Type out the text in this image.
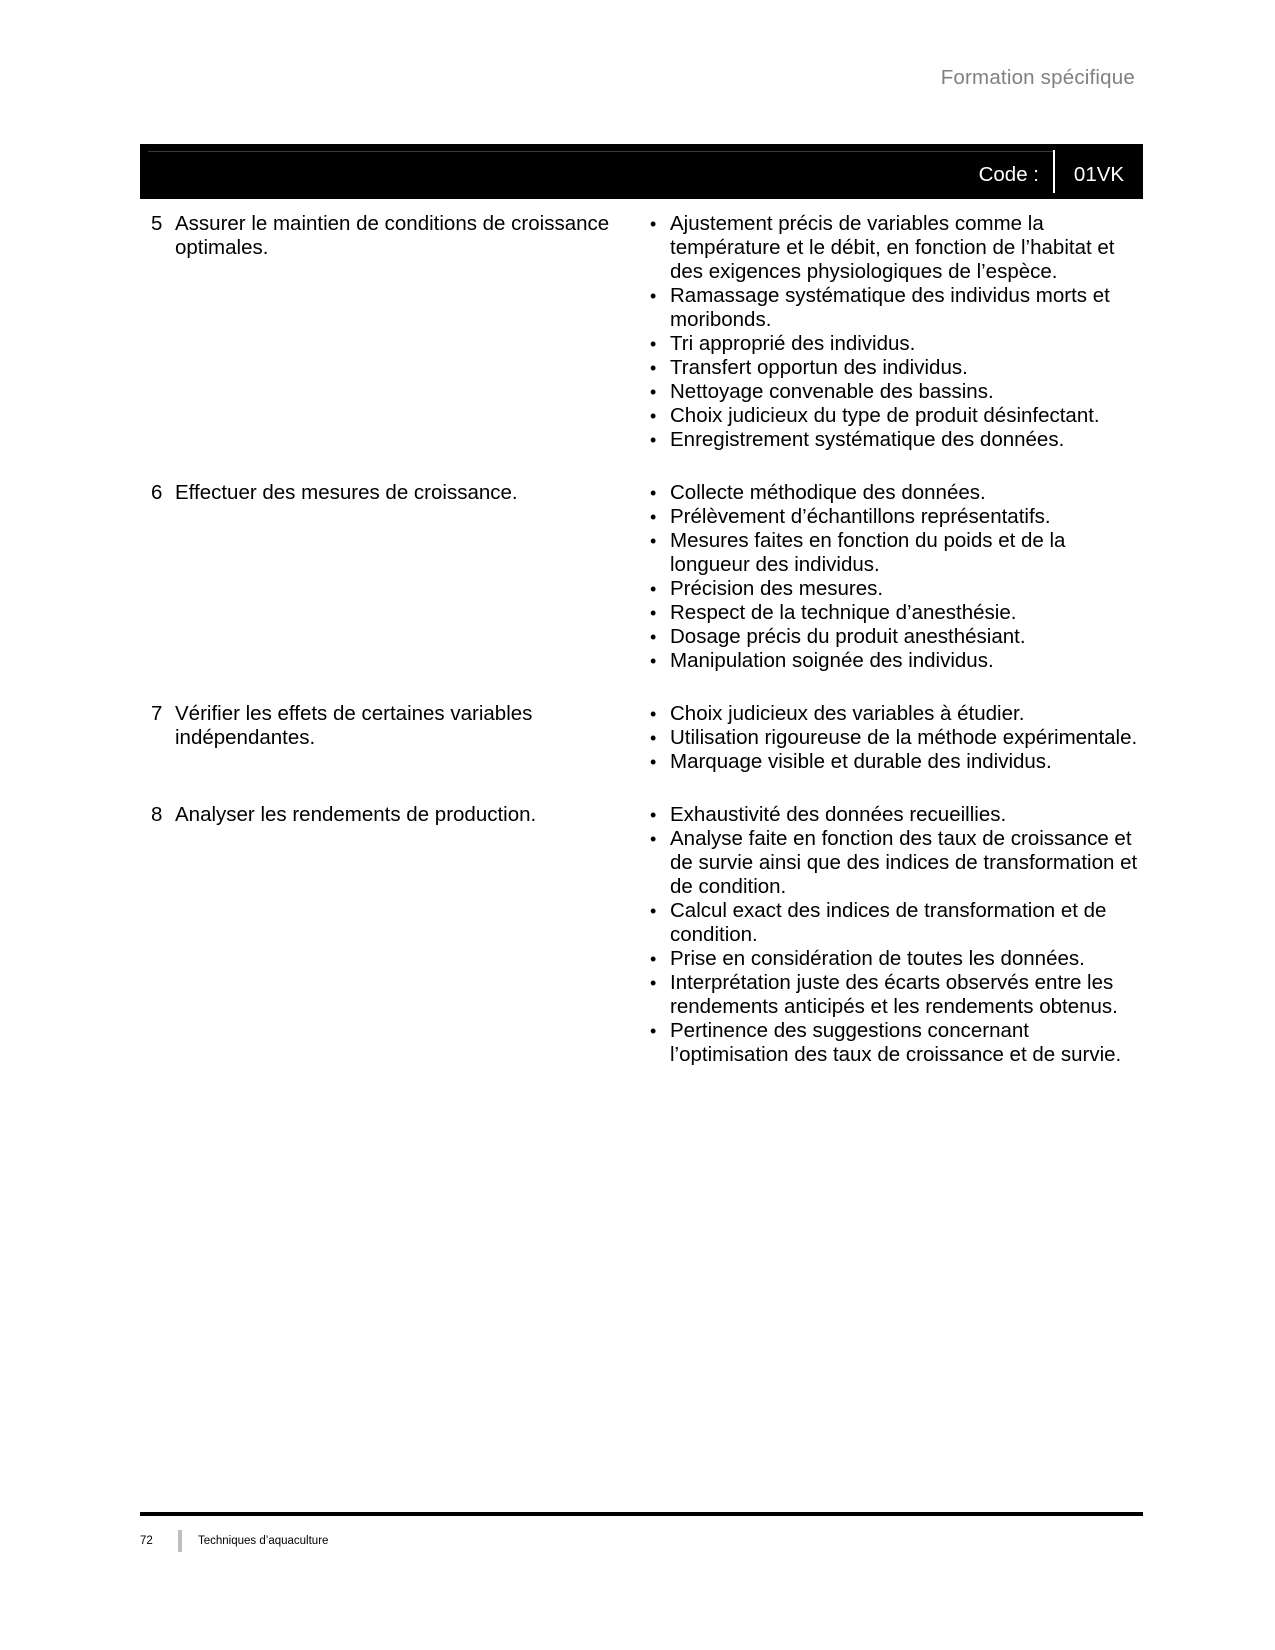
Formation spécifique
Code :	01VK
5 Assurer le maintien de conditions de croissance optimales.
• Ajustement précis de variables comme la température et le débit, en fonction de l’habitat et des exigences physiologiques de l’espèce.
• Ramassage systématique des individus morts et moribonds.
• Tri approprié des individus.
• Transfert opportun des individus.
• Nettoyage convenable des bassins.
• Choix judicieux du type de produit désinfectant.
• Enregistrement systématique des données.
6 Effectuer des mesures de croissance.	• Collecte méthodique des données.
• Prélèvement d’échantillons représentatifs.
• Mesures faites en fonction du poids et de la longueur des individus.
• Précision des mesures.
• Respect de la technique d’anesthésie.
• Dosage précis du produit anesthésiant.
• Manipulation soignée des individus.
7 Vérifier les effets de certaines variables indépendantes.
• Choix judicieux des variables à étudier.
• Utilisation rigoureuse de la méthode expérimentale.
• Marquage visible et durable des individus.
8 Analyser les rendements de production.	• Exhaustivité des données recueillies.
• Analyse faite en fonction des taux de croissance et de survie ainsi que des indices de transformation et de condition.
• Calcul exact des indices de transformation et de condition.
• Prise en considération de toutes les données.
• Interprétation juste des écarts observés entre les rendements anticipés et les rendements obtenus.
• Pertinence des suggestions concernant l’optimisation des taux de croissance et de survie.
72	Techniques d’aquaculture
